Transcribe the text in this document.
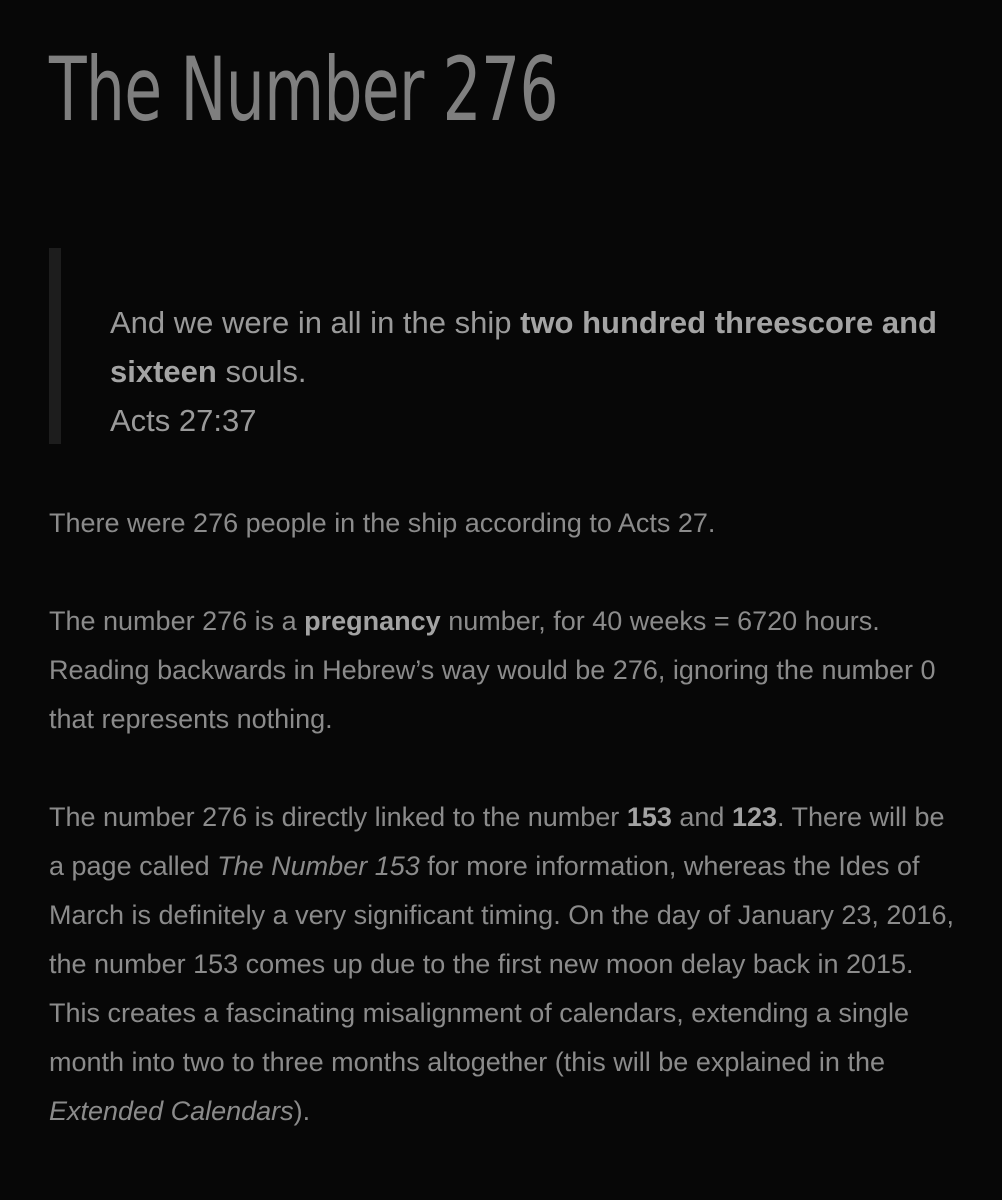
The Number 276
And we were in all in the ship two hundred threescore and sixteen souls.
Acts 27:37

There were 276 people in the ship according to Acts 27.

The number 276 is a pregnancy number, for 40 weeks = 6720 hours. Reading backwards in Hebrew’s way would be 276, ignoring the number 0 that represents nothing.

The number 276 is directly linked to the number 153 and 123. There will be a page called The Number 153 for more information, whereas the Ides of March is definitely a very significant timing. On the day of January 23, 2016, the number 153 comes up due to the first new moon delay back in 2015. This creates a fascinating misalignment of calendars, extending a single month into two to three months altogether (this will be explained in the Extended Calendars).
